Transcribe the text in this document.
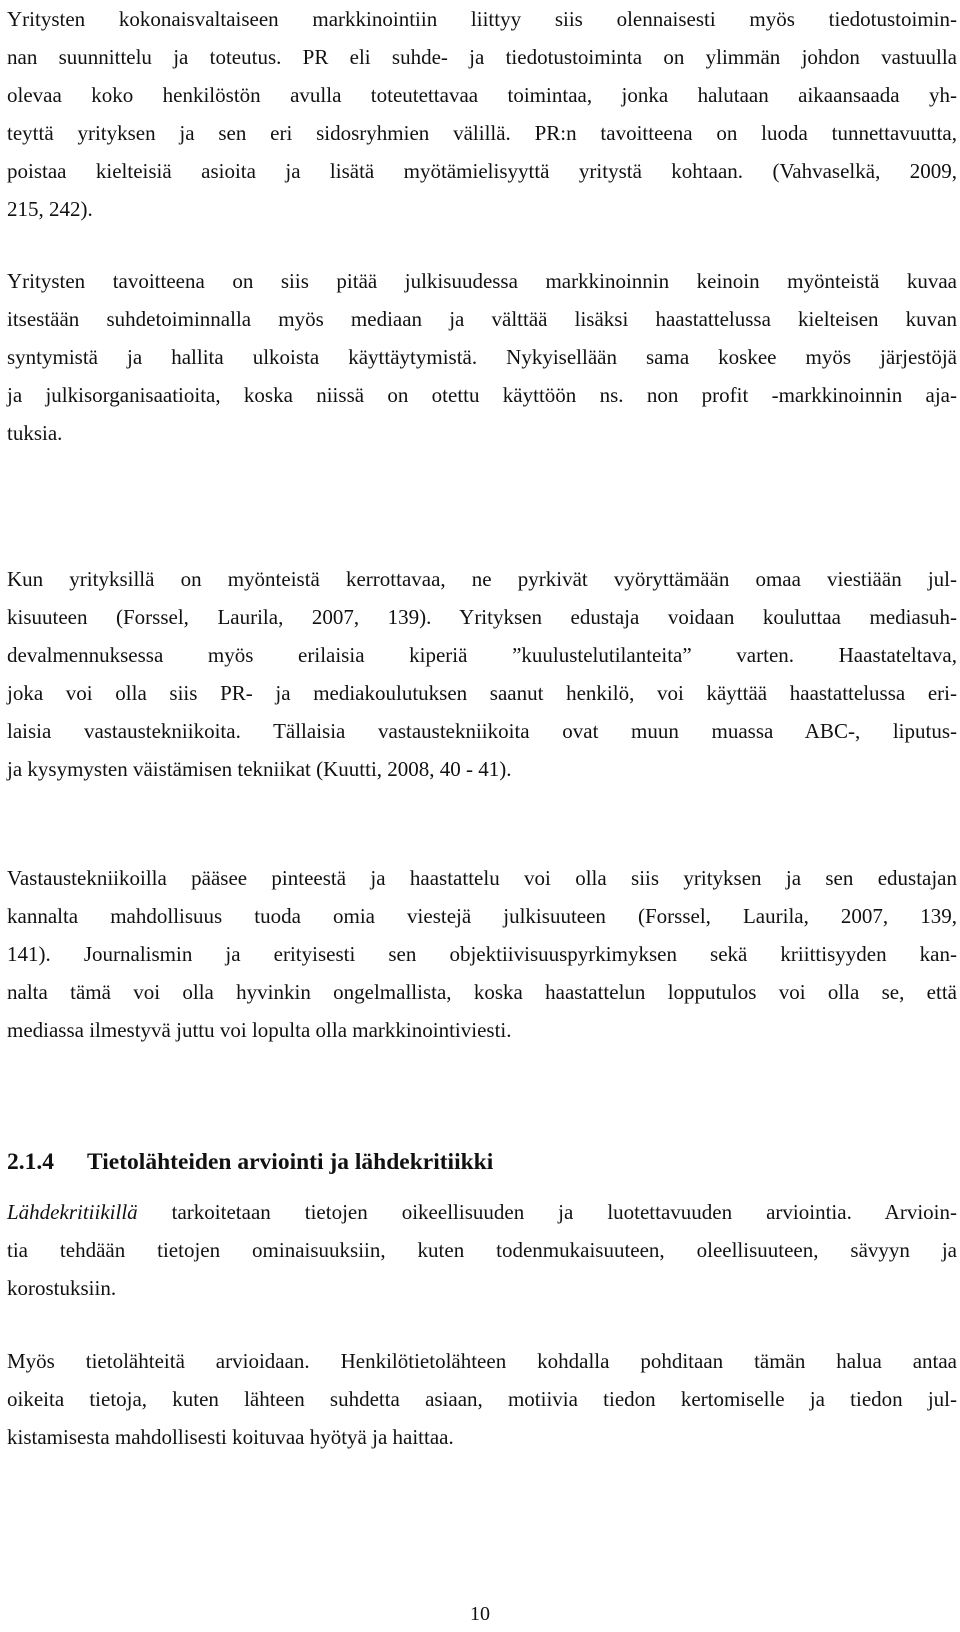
Yritysten kokonaisvaltaiseen markkinointiin liittyy siis olennaisesti myös tiedotustoimin-
nan suunnittelu ja toteutus. PR eli suhde- ja tiedotustoiminta on ylimmän johdon vastuulla
olevaa koko henkilöstön avulla toteutettavaa toimintaa, jonka halutaan aikaansaada yh-
teyttä yrityksen ja sen eri sidosryhmien välillä. PR:n tavoitteena on luoda tunnettavuutta,
poistaa kielteisiä asioita ja lisätä myötämielisyyttä yritystä kohtaan. (Vahvaselkä, 2009,
215, 242).
Yritysten tavoitteena on siis pitää julkisuudessa markkinoinnin keinoin myönteistä kuvaa
itsestään suhdetoiminnalla myös mediaan ja välttää lisäksi haastattelussa kielteisen kuvan
syntymistä ja hallita ulkoista käyttäytymistä. Nykyisellään sama koskee myös järjestöjä
ja julkisorganisaatioita, koska niissä on otettu käyttöön ns. non profit -markkinoinnin aja-
tuksia.
Kun yrityksillä on myönteistä kerrottavaa, ne pyrkivät vyöryttämään omaa viestiään jul-
kisuuteen (Forssel, Laurila, 2007, 139). Yrityksen edustaja voidaan kouluttaa mediasuh-
devalmennuksessa myös erilaisia kiperiä ”kuulustelutilanteita” varten. Haastateltava,
joka voi olla siis PR- ja mediakoulutuksen saanut henkilö, voi käyttää haastattelussa eri-
laisia vastaustekniikoita. Tällaisia vastaustekniikoita ovat muun muassa ABC-, liputus-
ja kysymysten väistämisen tekniikat (Kuutti, 2008, 40 - 41).
Vastaustekniikoilla pääsee pinteestä ja haastattelu voi olla siis yrityksen ja sen edustajan
kannalta mahdollisuus tuoda omia viestejä julkisuuteen (Forssel, Laurila, 2007, 139,
141). Journalismin ja erityisesti sen objektiivisuuspyrkimyksen sekä kriittisyyden kan-
nalta tämä voi olla hyvinkin ongelmallista, koska haastattelun lopputulos voi olla se, että
mediassa ilmestyvä juttu voi lopulta olla markkinointiviesti.
2.1.4 Tietolähteiden arviointi ja lähdekritiikki
Lähdekritiikillä tarkoitetaan tietojen oikeellisuuden ja luotettavuuden arviointia. Arvioin-
tia tehdään tietojen ominaisuuksiin, kuten todenmukaisuuteen, oleellisuuteen, sävyyn ja
korostuksiin.
Myös tietolähteitä arvioidaan. Henkilötietolähteen kohdalla pohditaan tämän halua antaa
oikeita tietoja, kuten lähteen suhdetta asiaan, motiivia tiedon kertomiselle ja tiedon jul-
kistamisesta mahdollisesti koituvaa hyötyä ja haittaa.
10
